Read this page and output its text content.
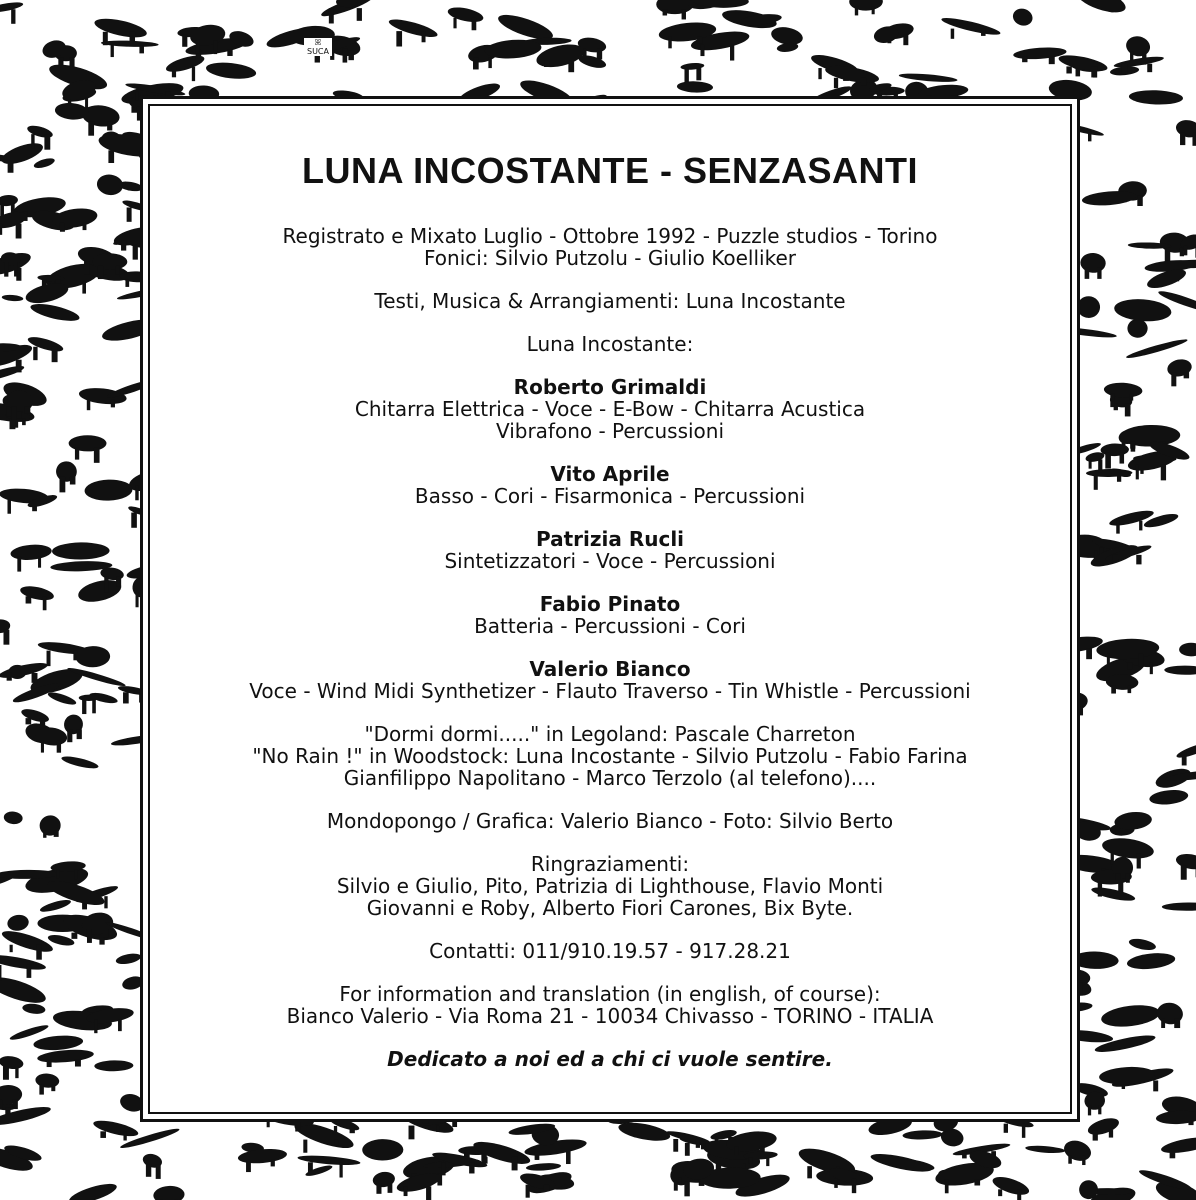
ꕤ
SUCA
LUNA INCOSTANTE - SENZASANTI
Registrato e Mixato Luglio - Ottobre 1992 - Puzzle studios - Torino
Fonici: Silvio Putzolu - Giulio Koelliker
Testi, Musica & Arrangiamenti: Luna Incostante
Luna Incostante:
Roberto Grimaldi
Chitarra Elettrica - Voce - E-Bow - Chitarra Acustica
Vibrafono - Percussioni
Vito Aprile
Basso - Cori - Fisarmonica - Percussioni
Patrizia Rucli
Sintetizzatori - Voce - Percussioni
Fabio Pinato
Batteria - Percussioni - Cori
Valerio Bianco
Voce - Wind Midi Synthetizer - Flauto Traverso - Tin Whistle - Percussioni
"Dormi dormi....." in Legoland: Pascale Charreton
"No Rain !" in Woodstock: Luna Incostante - Silvio Putzolu - Fabio Farina
Gianfilippo Napolitano - Marco Terzolo (al telefono)....
Mondopongo / Grafica: Valerio Bianco - Foto: Silvio Berto
Ringraziamenti:
Silvio e Giulio, Pito, Patrizia di Lighthouse, Flavio Monti
Giovanni e Roby, Alberto Fiori Carones, Bix Byte.
Contatti: 011/910.19.57 - 917.28.21
For information and translation (in english, of course):
Bianco Valerio - Via Roma 21 - 10034 Chivasso - TORINO - ITALIA
Dedicato a noi ed a chi ci vuole sentire.
